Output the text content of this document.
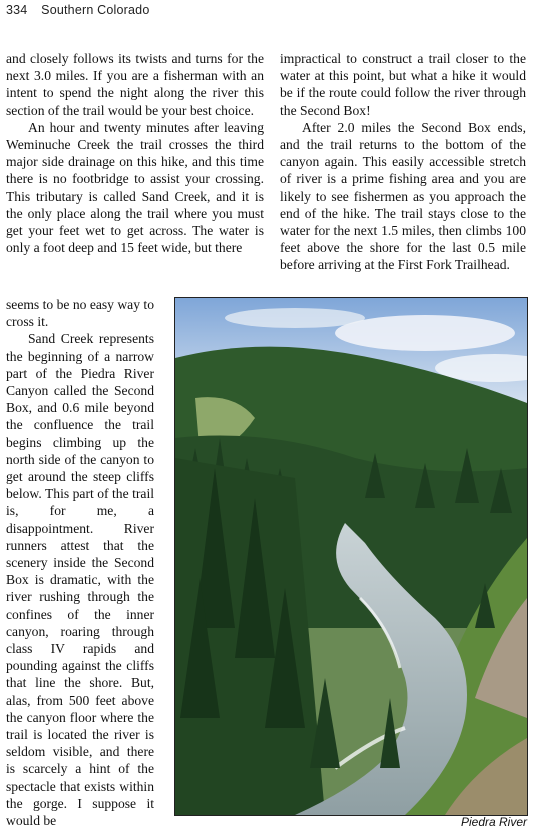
334 Southern Colorado

and closely follows its twists and turns for the next 3.0 miles. If you are a fisherman with an intent to spend the night along the river this section of the trail would be your best choice.

An hour and twenty minutes after leaving Weminuche Creek the trail crosses the third major side drainage on this hike, and this time there is no footbridge to assist your crossing. This tributary is called Sand Creek, and it is the only place along the trail where you must get your feet wet to get across. The water is only a foot deep and 15 feet wide, but there

seems to be no easy way to cross it.

Sand Creek represents the beginning of a narrow part of the Piedra River Canyon called the Second Box, and 0.6 mile beyond the confluence the trail begins climbing up the north side of the canyon to get around the steep cliffs below. This part of the trail is, for me, a disappointment. River runners attest that the scenery inside the Second Box is dramatic, with the river rushing through the confines of the inner canyon, roaring through class IV rapids and pounding against the cliffs that line the shore. But, alas, from 500 feet above the canyon floor where the trail is located the river is seldom visible, and there is scarcely a hint of the spectacle that exists within the gorge. I suppose it would be

impractical to construct a trail closer to the water at this point, but what a hike it would be if the route could follow the river through the Second Box!

After 2.0 miles the Second Box ends, and the trail returns to the bottom of the canyon again. This easily accessible stretch of river is a prime fishing area and you are likely to see fishermen as you approach the end of the hike. The trail stays close to the water for the next 1.5 miles, then climbs 100 feet above the shore for the last 0.5 mile before arriving at the First Fork Trailhead.

Piedra River
